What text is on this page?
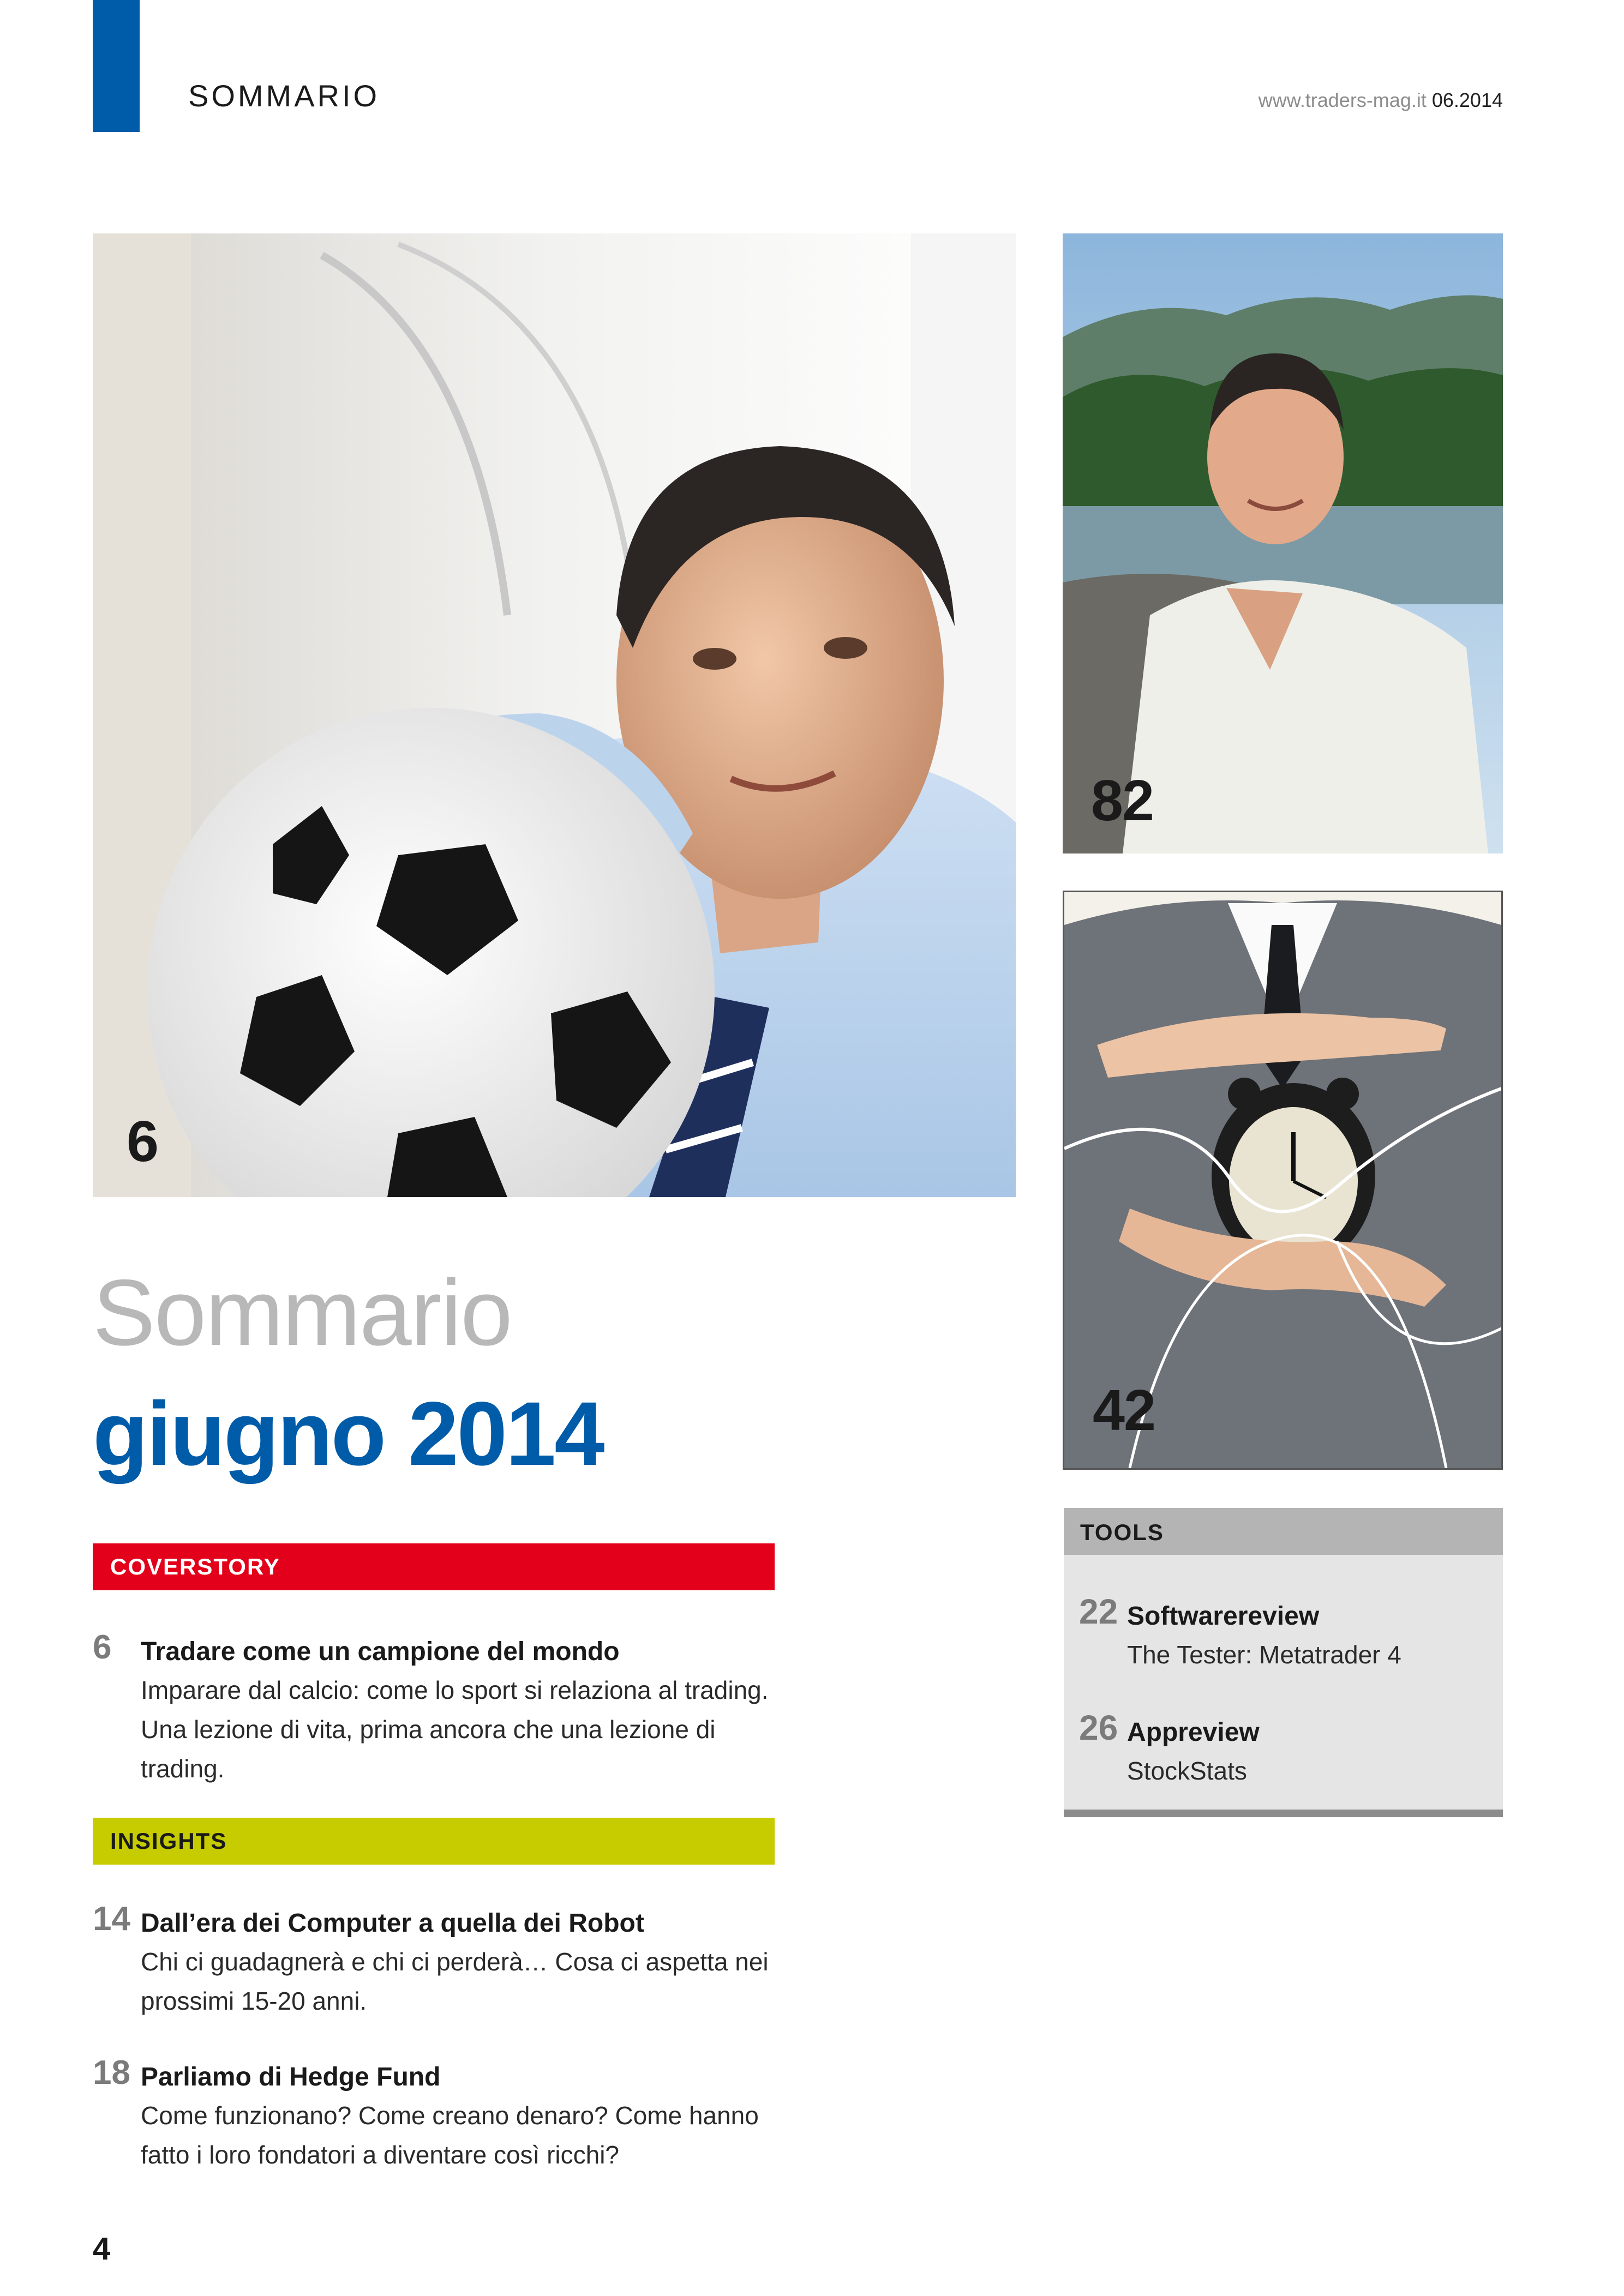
SOMMARIO	www.traders-mag.it 06.2014
6
82
42
Sommario
giugno 2014
COVERSTORY
6 Tradare come un campione del mondo
Imparare dal calcio: come lo sport si relaziona al trading. Una lezione di vita, prima ancora che una lezione di trading.
INSIGHTS
14 Dall’era dei Computer a quella dei Robot
Chi ci guadagnerà e chi ci perderà… Cosa ci aspetta nei prossimi 15-20 anni.
18 Parliamo di Hedge Fund
Come funzionano? Come creano denaro? Come hanno fatto i loro fondatori a diventare così ricchi?
TOOLS
22 Softwarereview
The Tester: Metatrader 4
26 Appreview
StockStats
4
